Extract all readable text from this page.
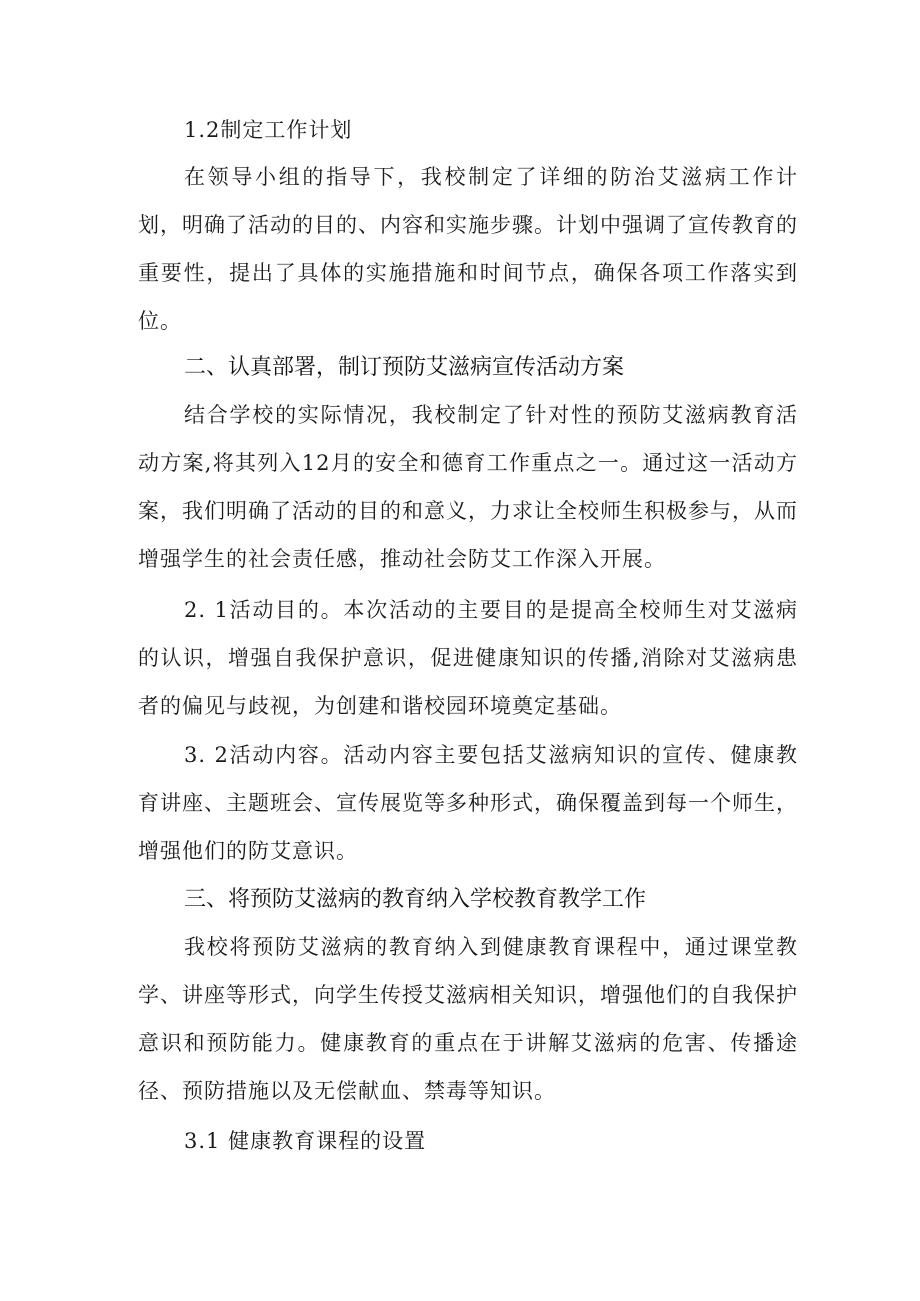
1.2制定工作计划

在领导小组的指导下，我校制定了详细的防治艾滋病工作计划，明确了活动的目的、内容和实施步骤。计划中强调了宣传教育的重要性，提出了具体的实施措施和时间节点，确保各项工作落实到位。

二、认真部署，制订预防艾滋病宣传活动方案

结合学校的实际情况，我校制定了针对性的预防艾滋病教育活动方案,将其列入12月的安全和德育工作重点之一。通过这一活动方案，我们明确了活动的目的和意义，力求让全校师生积极参与，从而增强学生的社会责任感，推动社会防艾工作深入开展。

2. 1活动目的。本次活动的主要目的是提高全校师生对艾滋病的认识，增强自我保护意识，促进健康知识的传播,消除对艾滋病患者的偏见与歧视，为创建和谐校园环境奠定基础。

3. 2活动内容。活动内容主要包括艾滋病知识的宣传、健康教育讲座、主题班会、宣传展览等多种形式，确保覆盖到每一个师生，增强他们的防艾意识。

三、将预防艾滋病的教育纳入学校教育教学工作

我校将预防艾滋病的教育纳入到健康教育课程中，通过课堂教学、讲座等形式，向学生传授艾滋病相关知识，增强他们的自我保护意识和预防能力。健康教育的重点在于讲解艾滋病的危害、传播途径、预防措施以及无偿献血、禁毒等知识。

3.1 健康教育课程的设置
